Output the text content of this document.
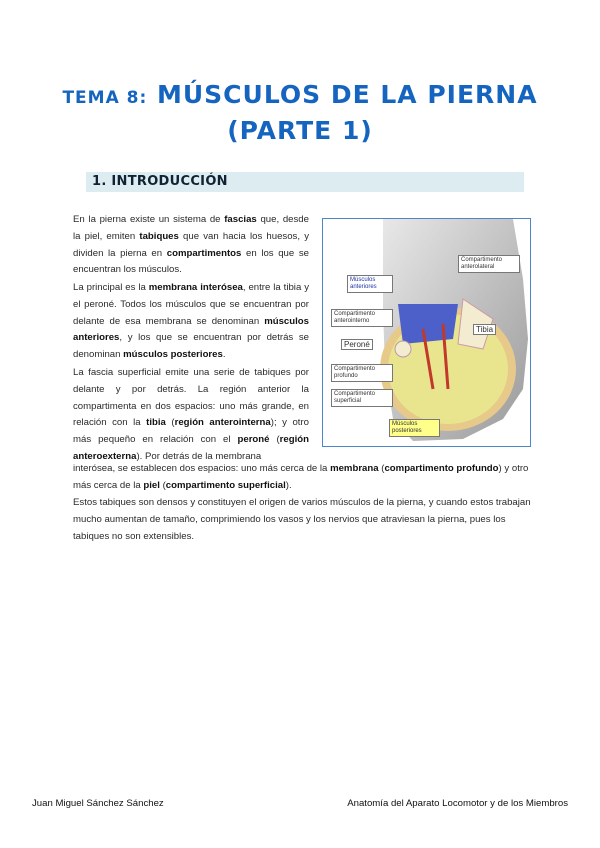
TEMA 8: MÚSCULOS DE LA PIERNA
(PARTE 1)
1. INTRODUCCIÓN
En la pierna existe un sistema de fascias que, desde la piel, emiten tabiques que van hacia los huesos, y dividen la pierna en compartimentos en los que se encuentran los músculos.
La principal es la membrana interósea, entre la tibia y el peroné. Todos los músculos que se encuentran por delante de esa membrana se denominan músculos anteriores, y los que se encuentran por detrás se denominan músculos posteriores.
La fascia superficial emite una serie de tabiques por delante y por detrás. La región anterior la compartimenta en dos espacios: uno más grande, en relación con la tibia (región anterointerna); y otro más pequeño en relación con el peroné (región anteroexterna). Por detrás de la membrana
interósea, se establecen dos espacios: uno más cerca de la membrana (compartimento profundo) y otro más cerca de la piel (compartimento superficial).
Estos tabiques son densos y constituyen el origen de varios músculos de la pierna, y cuando estos trabajan mucho aumentan de tamaño, comprimiendo los vasos y los nervios que atraviesan la pierna, pues los tabiques no son extensibles.
Músculos anteriores
Compartimento anterolateral
Compartimento anterointerno
Tibia
Peroné
Compartimento profundo
Compartimento superficial
Músculos posteriores
Juan Miguel Sánchez Sánchez	Anatomía del Aparato Locomotor y de los Miembros
